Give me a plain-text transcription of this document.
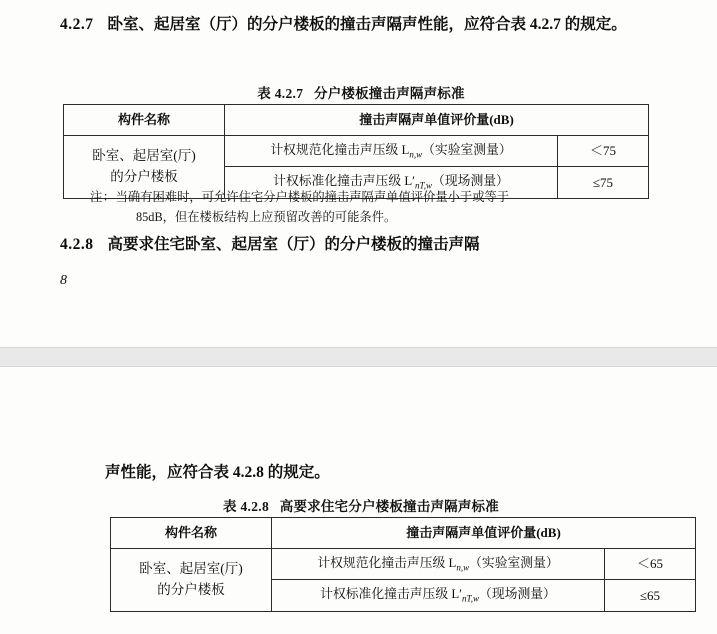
4.2.7 卧室、起居室（厅）的分户楼板的撞击声隔声性能，应符合表 4.2.7 的规定。
表 4.2.7 分户楼板撞击声隔声标准
构件名称	撞击声隔声单值评价量(dB)	
卧室、起居室(厅)
的分户楼板	计权规范化撞击声压级 $L_{n,w}$（实验室测量）	＜75
	计权标准化撞击声压级 $L'_{nT,w}$（现场测量）	≤75
注：当确有困难时，可允许住宅分户楼板的撞击声隔声单值评价量小于或等于
85dB，但在楼板结构上应预留改善的可能条件。
4.2.8 高要求住宅卧室、起居室（厅）的分户楼板的撞击声隔
8
声性能，应符合表 4.2.8 的规定。
表 4.2.8 高要求住宅分户楼板撞击声隔声标准
构件名称	撞击声隔声单值评价量(dB)	
卧室、起居室(厅)
的分户楼板	计权规范化撞击声压级 $L_{n,w}$（实验室测量）	＜65
	计权标准化撞击声压级 $L'_{nT,w}$（现场测量）	≤65
